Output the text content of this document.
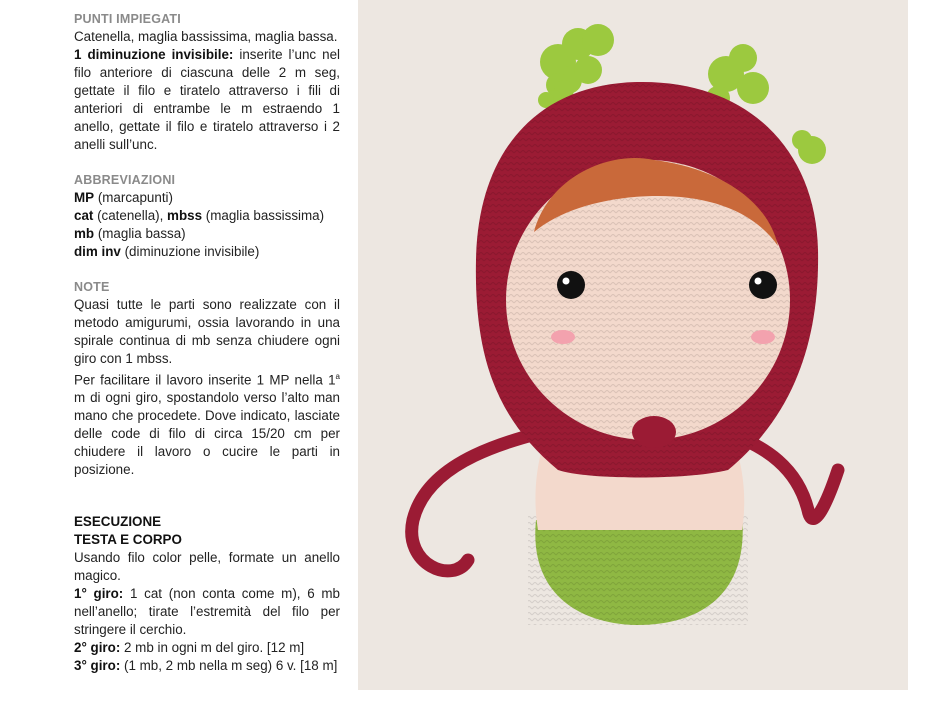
PUNTI IMPIEGATI

Catenella, maglia bassissima, maglia bassa.

1 diminuzione invisibile: inserite l’unc nel filo anteriore di ciascuna delle 2 m seg, gettate il filo e tiratelo attraverso i fili di anteriori di entrambe le m estraendo 1 anello, gettate il filo e tiratelo attraverso i 2 anelli sull’unc.

ABBREVIAZIONI

MP (marcapunti)

cat (catenella), mbss (maglia bassissima)

mb (maglia bassa)

dim inv (diminuzione invisibile)

NOTE

Quasi tutte le parti sono realizzate con il metodo amigurumi, ossia lavorando in una spirale continua di mb senza chiudere ogni giro con 1 mbss.

Per facilitare il lavoro inserite 1 MP nella 1$^a$ m di ogni giro, spostandolo verso l’alto man mano che procedete. Dove indicato, lasciate delle code di filo di circa 15/20 cm per chiudere il lavoro o cucire le parti in posizione.

ESECUZIONE

TESTA E CORPO

Usando filo color pelle, formate un anello magico.

1° giro: 1 cat (non conta come m), 6 mb nell’anello; tirate l’estremità del filo per stringere il cerchio.

2° giro: 2 mb in ogni m del giro. [12 m]

3° giro: (1 mb, 2 mb nella m seg) 6 v. [18 m]
